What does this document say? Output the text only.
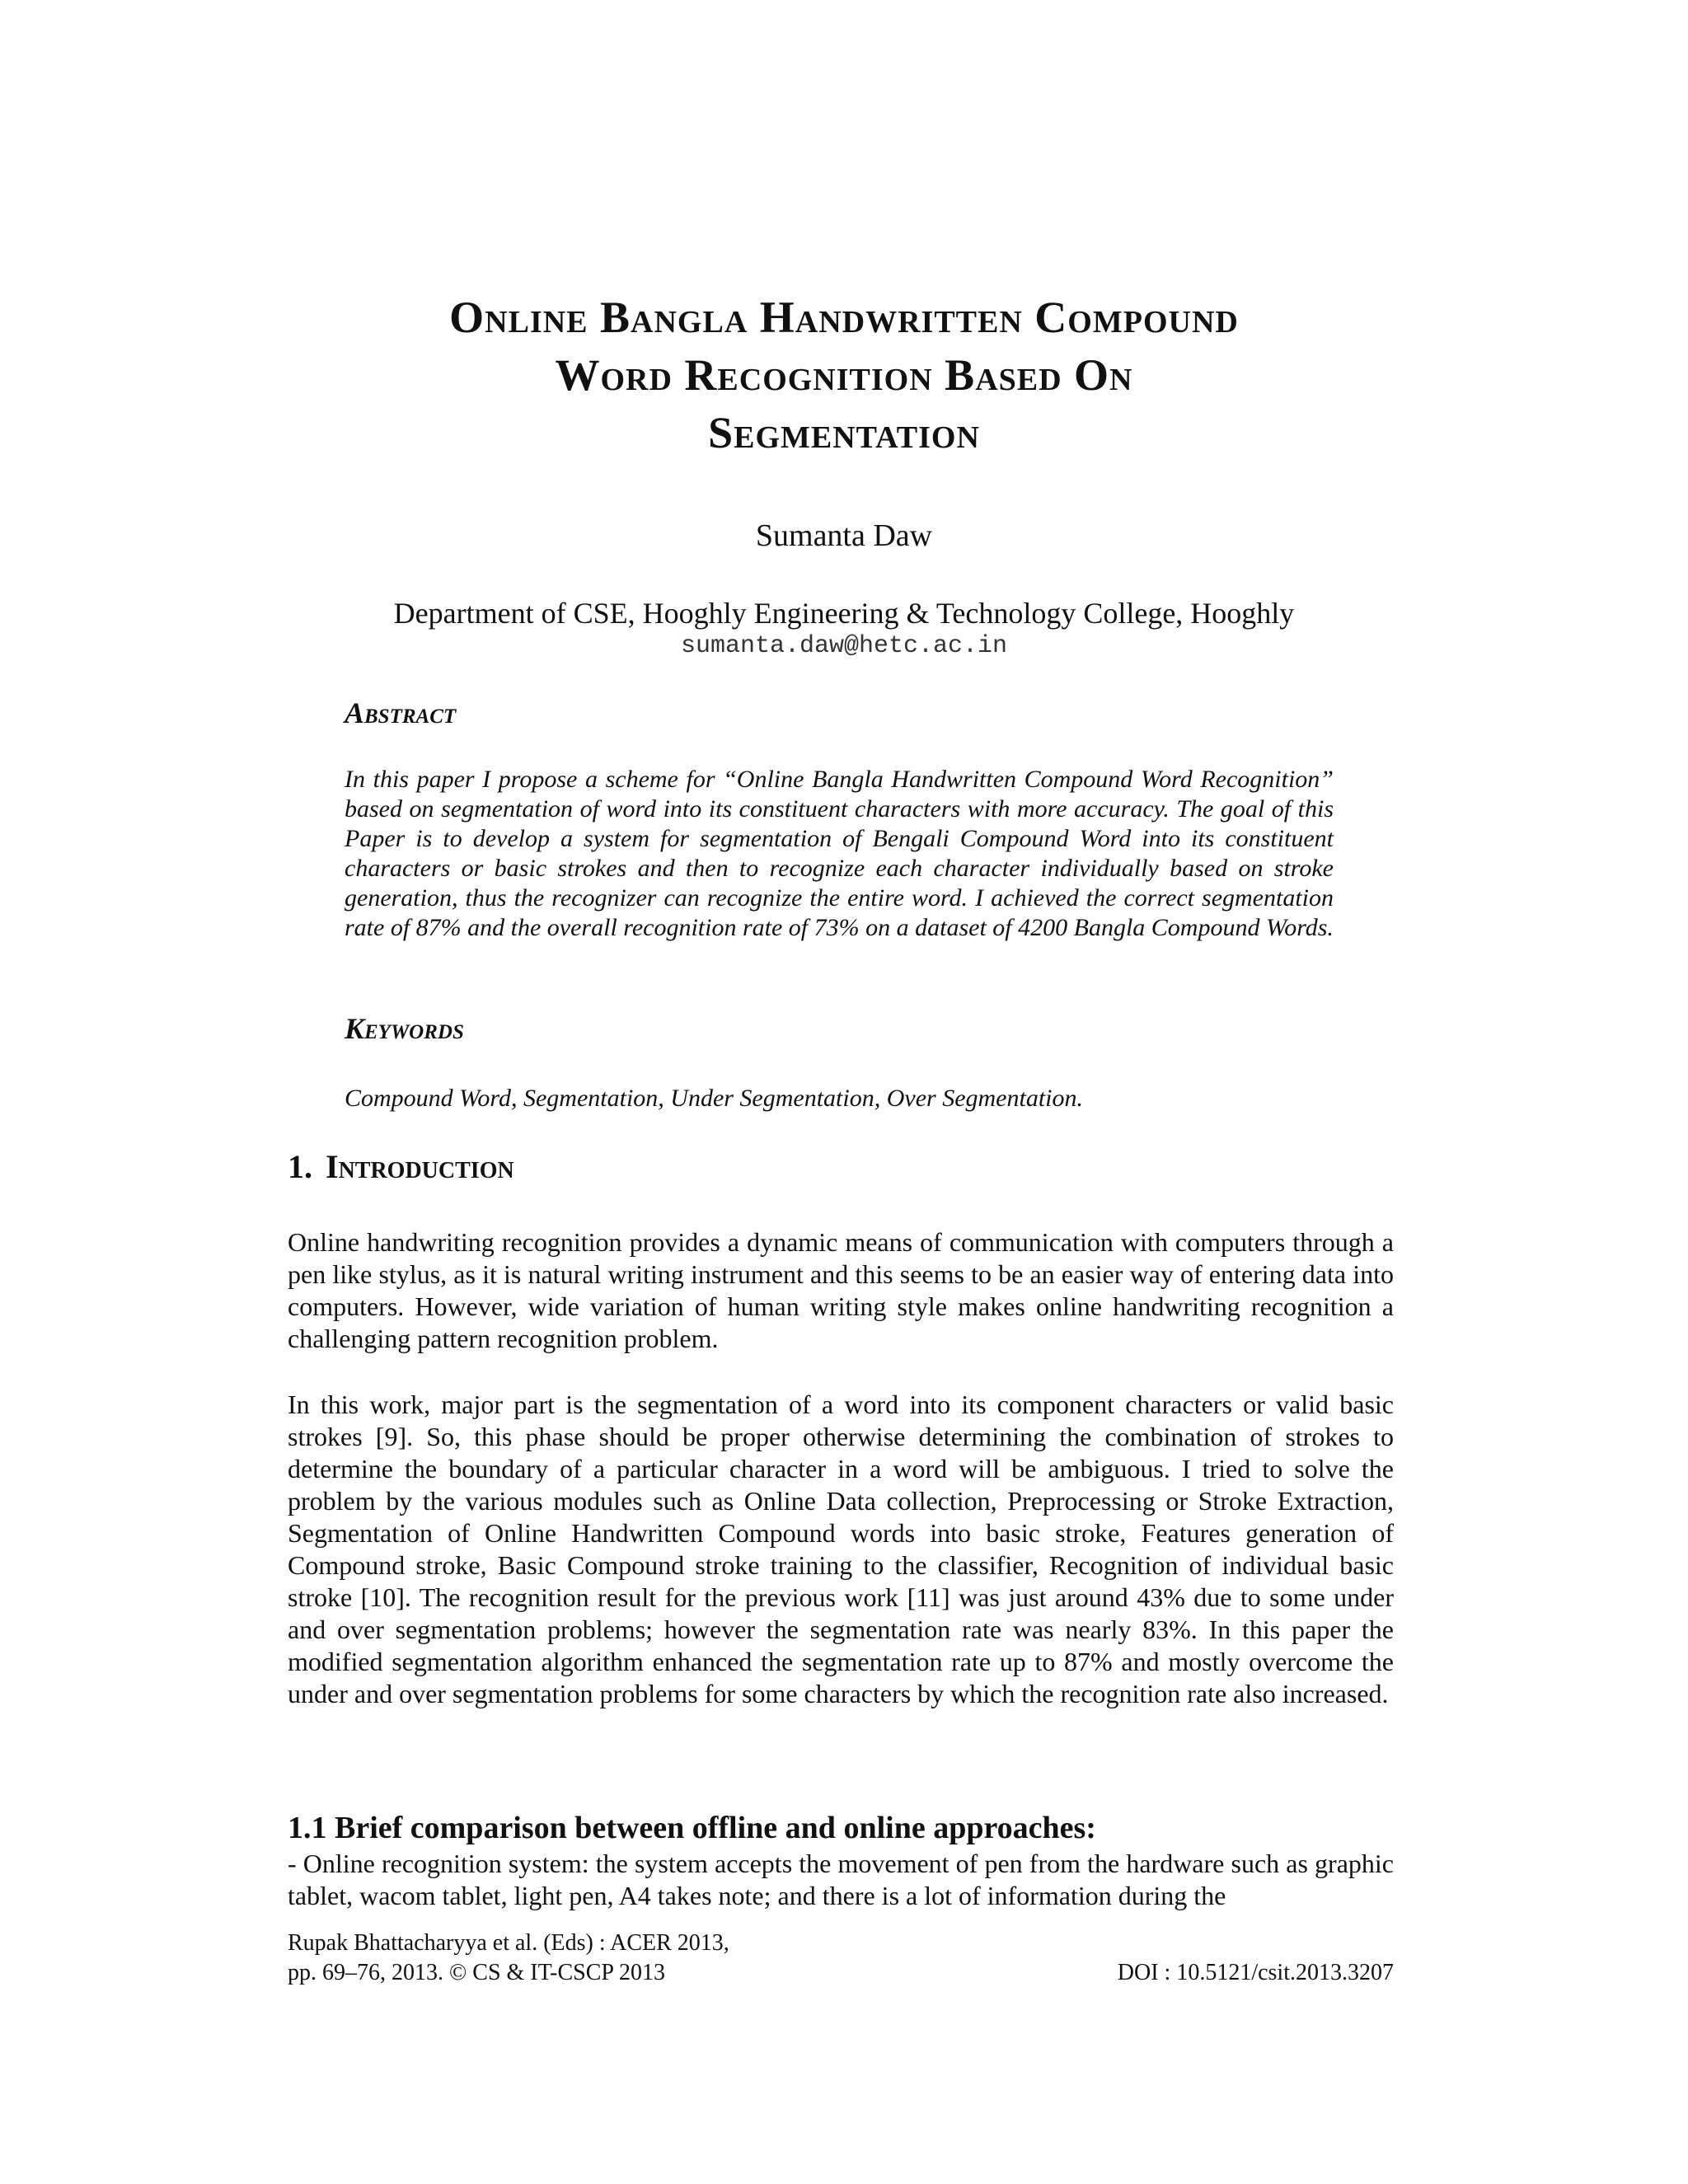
Online Bangla Handwritten Compound
Word Recognition Based On
Segmentation
Sumanta Daw
Department of CSE, Hooghly Engineering & Technology College, Hooghly
sumanta.daw@hetc.ac.in
Abstract
In this paper I propose a scheme for “Online Bangla Handwritten Compound Word Recognition” based on segmentation of word into its constituent characters with more accuracy. The goal of this Paper is to develop a system for segmentation of Bengali Compound Word into its constituent characters or basic strokes and then to recognize each character individually based on stroke generation, thus the recognizer can recognize the entire word. I achieved the correct segmentation rate of 87% and the overall recognition rate of 73% on a dataset of 4200 Bangla Compound Words.
Keywords
Compound Word, Segmentation, Under Segmentation, Over Segmentation.
1. Introduction
Online handwriting recognition provides a dynamic means of communication with computers through a pen like stylus, as it is natural writing instrument and this seems to be an easier way of entering data into computers. However, wide variation of human writing style makes online handwriting recognition a challenging pattern recognition problem.
In this work, major part is the segmentation of a word into its component characters or valid basic strokes [9]. So, this phase should be proper otherwise determining the combination of strokes to determine the boundary of a particular character in a word will be ambiguous. I tried to solve the problem by the various modules such as Online Data collection, Preprocessing or Stroke Extraction, Segmentation of Online Handwritten Compound words into basic stroke, Features generation of Compound stroke, Basic Compound stroke training to the classifier, Recognition of individual basic stroke [10]. The recognition result for the previous work [11] was just around 43% due to some under and over segmentation problems; however the segmentation rate was nearly 83%. In this paper the modified segmentation algorithm enhanced the segmentation rate up to 87% and mostly overcome the under and over segmentation problems for some characters by which the recognition rate also increased.
1.1 Brief comparison between offline and online approaches:
- Online recognition system: the system accepts the movement of pen from the hardware such as graphic tablet, wacom tablet, light pen, A4 takes note; and there is a lot of information during the
Rupak Bhattacharyya et al. (Eds) : ACER 2013,
pp. 69–76, 2013. © CS & IT-CSCP 2013	DOI : 10.5121/csit.2013.3207
